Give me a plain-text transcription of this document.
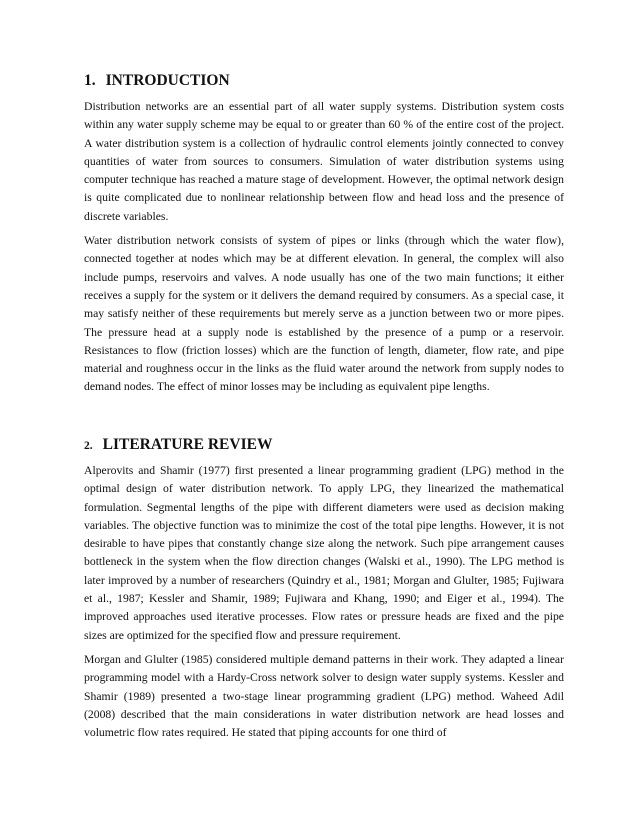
1. INTRODUCTION

Distribution networks are an essential part of all water supply systems. Distribution system costs within any water supply scheme may be equal to or greater than 60 % of the entire cost of the project. A water distribution system is a collection of hydraulic control elements jointly connected to convey quantities of water from sources to consumers. Simulation of water distribution systems using computer technique has reached a mature stage of development. However, the optimal network design is quite complicated due to nonlinear relationship between flow and head loss and the presence of discrete variables.

Water distribution network consists of system of pipes or links (through which the water flow), connected together at nodes which may be at different elevation. In general, the complex will also include pumps, reservoirs and valves. A node usually has one of the two main functions; it either receives a supply for the system or it delivers the demand required by consumers. As a special case, it may satisfy neither of these requirements but merely serve as a junction between two or more pipes. The pressure head at a supply node is established by the presence of a pump or a reservoir. Resistances to flow (friction losses) which are the function of length, diameter, flow rate, and pipe material and roughness occur in the links as the fluid water around the network from supply nodes to demand nodes. The effect of minor losses may be including as equivalent pipe lengths.

2. LITERATURE REVIEW

Alperovits and Shamir (1977) first presented a linear programming gradient (LPG) method in the optimal design of water distribution network. To apply LPG, they linearized the mathematical formulation. Segmental lengths of the pipe with different diameters were used as decision making variables. The objective function was to minimize the cost of the total pipe lengths. However, it is not desirable to have pipes that constantly change size along the network. Such pipe arrangement causes bottleneck in the system when the flow direction changes (Walski et al., 1990). The LPG method is later improved by a number of researchers (Quindry et al., 1981; Morgan and Glulter, 1985; Fujiwara et al., 1987; Kessler and Shamir, 1989; Fujiwara and Khang, 1990; and Eiger et al., 1994). The improved approaches used iterative processes. Flow rates or pressure heads are fixed and the pipe sizes are optimized for the specified flow and pressure requirement.

Morgan and Glulter (1985) considered multiple demand patterns in their work. They adapted a linear programming model with a Hardy-Cross network solver to design water supply systems. Kessler and Shamir (1989) presented a two-stage linear programming gradient (LPG) method. Waheed Adil (2008) described that the main considerations in water distribution network are head losses and volumetric flow rates required. He stated that piping accounts for one third of
